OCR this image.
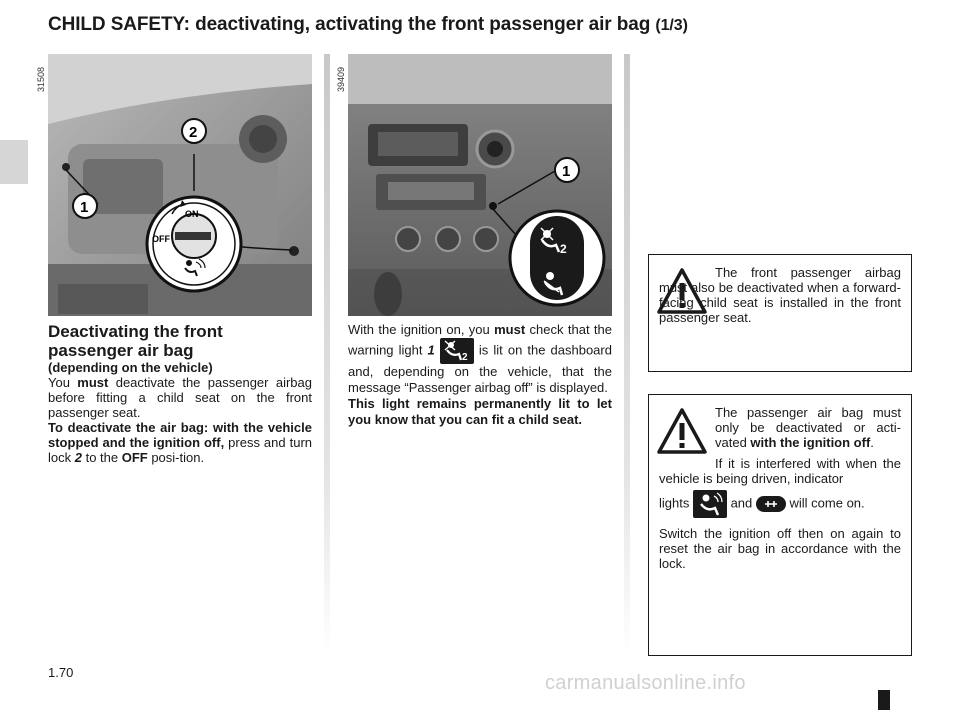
CHILD SAFETY: deactivating, activating the front passenger air bag (1/3)
31508
ON
OFF
1
2
39409
2
1

Deactivating the front passenger air bag

(depending on the vehicle)

You must deactivate the passenger airbag before fitting a child seat on the front passenger seat.

To deactivate the air bag: with the vehicle stopped and the ignition off, press and turn lock 2 to the OFF posi-tion.

With the ignition on, you must check that the warning light 1
2
is lit on the dashboard and, depending on the vehicle, that the message “Passenger airbag off” is displayed.

This light remains permanently lit to let you know that you can fit a child seat.

The front passenger airbag must also be deactivated when a forward-facing child seat is installed in the front passenger seat.

The passenger air bag must only be deactivated or acti-vated with the ignition off.

If it is interfered with when the vehicle is being driven, indicator

lights	and  will come on.

Switch the ignition off then on again to reset the air bag in accordance with the lock.

1.70	carmanualsonline.info
